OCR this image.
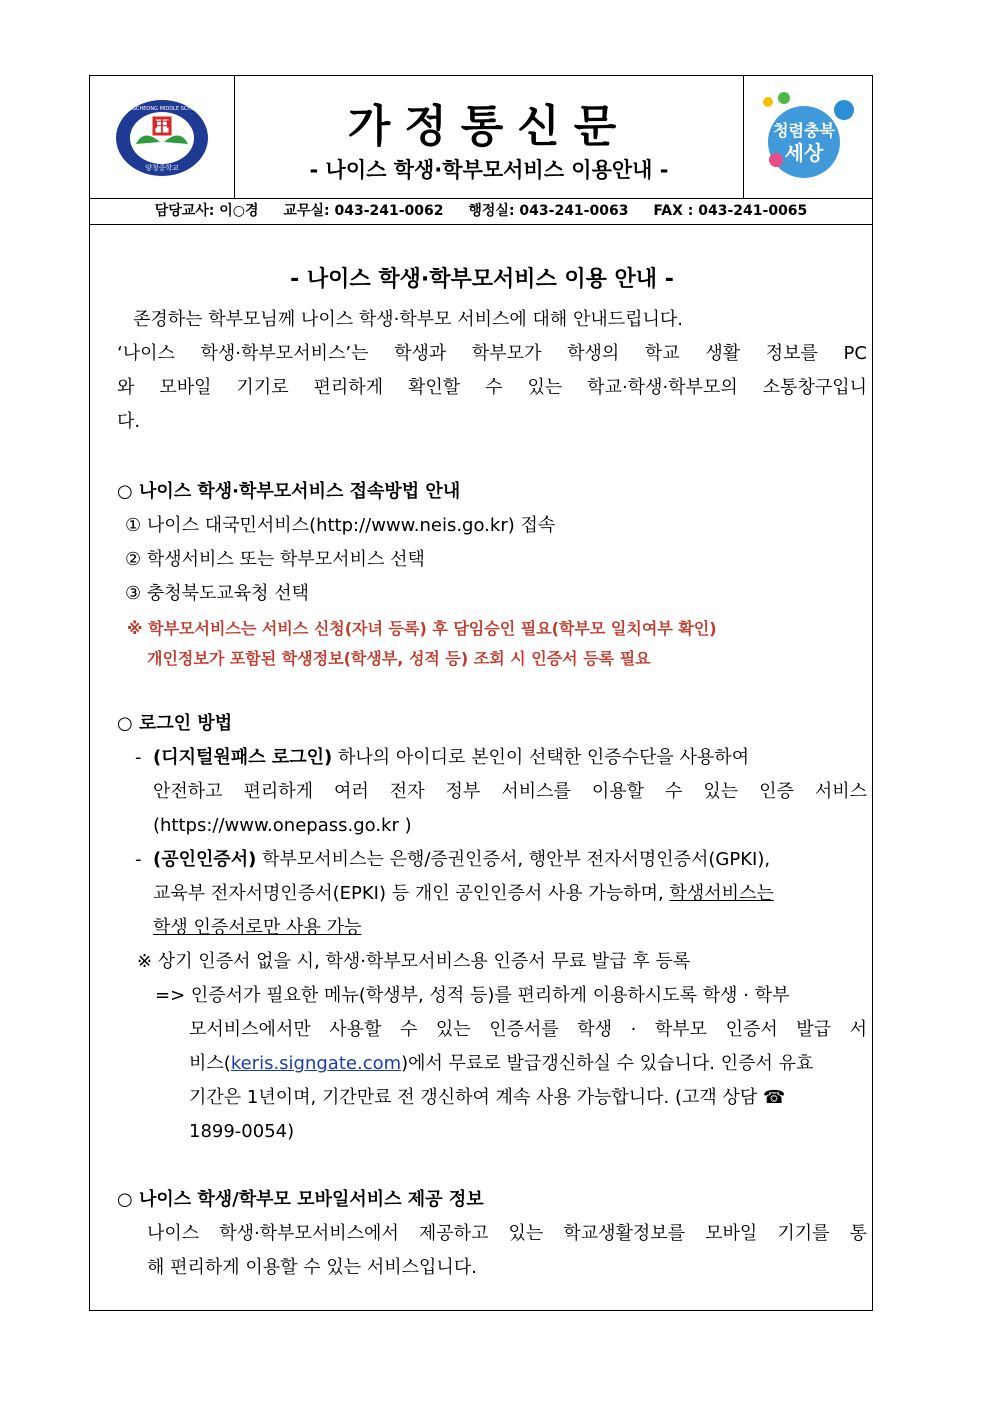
中
양청중학교
YANGCHEONG MIDDLE SCHOOL	가정통신문
- 나이스 학생·학부모서비스 이용안내 -
청렴충북
세상
담당교사: 이○경 교무실: 043-241-0062 행정실: 043-241-0063 FAX : 043-241-0065
- 나이스 학생·학부모서비스 이용 안내 -
존경하는 학부모님께 나이스 학생·학부모 서비스에 대해 안내드립니다.
‘나이스 학생·학부모서비스’는 학생과 학부모가 학생의 학교 생활 정보를 PC
와 모바일 기기로 편리하게 확인할 수 있는 학교·학생·학부모의 소통창구입니
다.
○ 나이스 학생·학부모서비스 접속방법 안내
① 나이스 대국민서비스(http://www.neis.go.kr) 접속
② 학생서비스 또는 학부모서비스 선택
③ 충청북도교육청 선택
※ 학부모서비스는 서비스 신청(자녀 등록) 후 담임승인 필요(학부모 일치여부 확인)
개인정보가 포함된 학생정보(학생부, 성적 등) 조회 시 인증서 등록 필요
○ 로그인 방법
- (디지털원패스 로그인) 하나의 아이디로 본인이 선택한 인증수단을 사용하여
안전하고 편리하게 여러 전자 정부 서비스를 이용할 수 있는 인증 서비스
(https://www.onepass.go.kr )
- (공인인증서) 학부모서비스는 은행/증권인증서, 행안부 전자서명인증서(GPKI),
교육부 전자서명인증서(EPKI) 등 개인 공인인증서 사용 가능하며, 학생서비스는
학생 인증서로만 사용 가능
※ 상기 인증서 없을 시, 학생·학부모서비스용 인증서 무료 발급 후 등록
=> 인증서가 필요한 메뉴(학생부, 성적 등)를 편리하게 이용하시도록 학생 · 학부
모서비스에서만 사용할 수 있는 인증서를 학생 · 학부모 인증서 발급 서
비스(keris.signgate.com)에서 무료로 발급갱신하실 수 있습니다. 인증서 유효
기간은 1년이며, 기간만료 전 갱신하여 계속 사용 가능합니다. (고객 상담 ☎
1899-0054)
○ 나이스 학생/학부모 모바일서비스 제공 정보
나이스 학생·학부모서비스에서 제공하고 있는 학교생활정보를 모바일 기기를 통
해 편리하게 이용할 수 있는 서비스입니다.
